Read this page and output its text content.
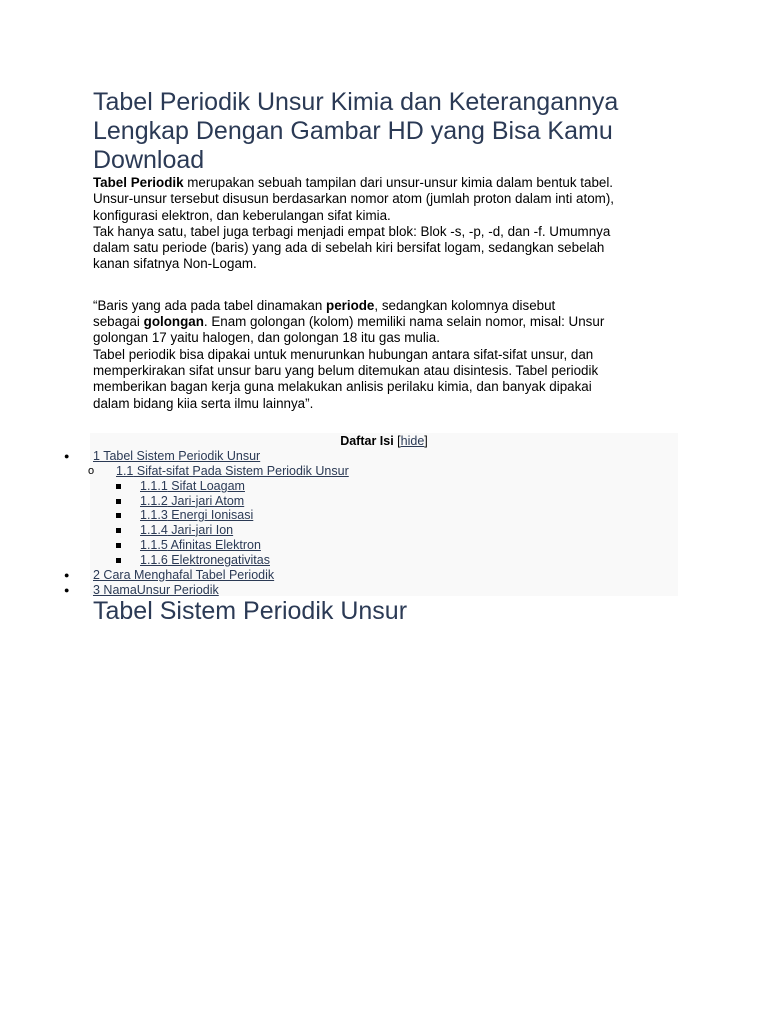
Tabel Periodik Unsur Kimia dan Keterangannya
Lengkap Dengan Gambar HD yang Bisa Kamu
Download

Tabel Periodik merupakan sebuah tampilan dari unsur-unsur kimia dalam bentuk tabel.
Unsur-unsur tersebut disusun berdasarkan nomor atom (jumlah proton dalam inti atom),
konfigurasi elektron, dan keberulangan sifat kimia.
Tak hanya satu, tabel juga terbagi menjadi empat blok: Blok -s, -p, -d, dan -f. Umumnya
dalam satu periode (baris) yang ada di sebelah kiri bersifat logam, sedangkan sebelah
kanan sifatnya Non-Logam.

“Baris yang ada pada tabel dinamakan periode, sedangkan kolomnya disebut
sebagai golongan. Enam golongan (kolom) memiliki nama selain nomor, misal: Unsur
golongan 17 yaitu halogen, dan golongan 18 itu gas mulia.
Tabel periodik bisa dipakai untuk menurunkan hubungan antara sifat-sifat unsur, dan
memperkirakan sifat unsur baru yang belum ditemukan atau disintesis. Tabel periodik
memberikan bagan kerja guna melakukan anlisis perilaku kimia, dan banyak dipakai
dalam bidang kiia serta ilmu lainnya”.

Daftar Isi [hide]

● 1 Tabel Sistem Periodik Unsur
o 1.1 Sifat-sifat Pada Sistem Periodik Unsur
1.1.1 Sifat Loagam
1.1.2 Jari-jari Atom
1.1.3 Energi Ionisasi
1.1.4 Jari-jari Ion
1.1.5 Afinitas Elektron
1.1.6 Elektronegativitas
● 2 Cara Menghafal Tabel Periodik
● 3 NamaUnsur Periodik
Tabel Sistem Periodik Unsur
